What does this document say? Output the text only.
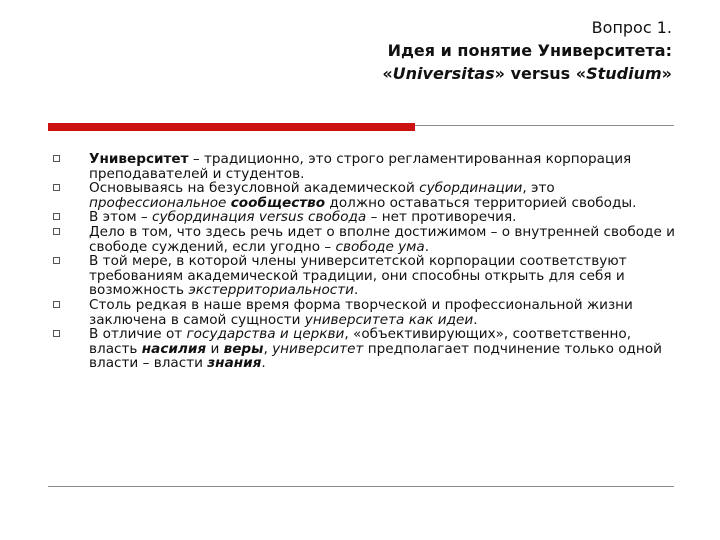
Вопрос 1.
Идея и понятие Университета:
«Universitas» versus «Studium»
Университет – традиционно, это строго регламентированная корпорация преподавателей и студентов.
Основываясь на безусловной академической субординации, это профессиональное сообщество должно оставаться территорией свободы.
В этом – субординация versus свобода – нет противоречия.
Дело в том, что здесь речь идет о вполне достижимом – о внутренней свободе и свободе суждений, если угодно – свободе ума.
В той мере, в которой члены университетской корпорации соответствуют требованиям академической традиции, они способны открыть для себя и возможность экстерриториальности.
Столь редкая в наше время форма творческой и профессиональной жизни заключена в самой сущности университета как идеи.
В отличие от государства и церкви, «объективирующих», соответственно, власть насилия и веры, университет предполагает подчинение только одной власти – власти знания.
